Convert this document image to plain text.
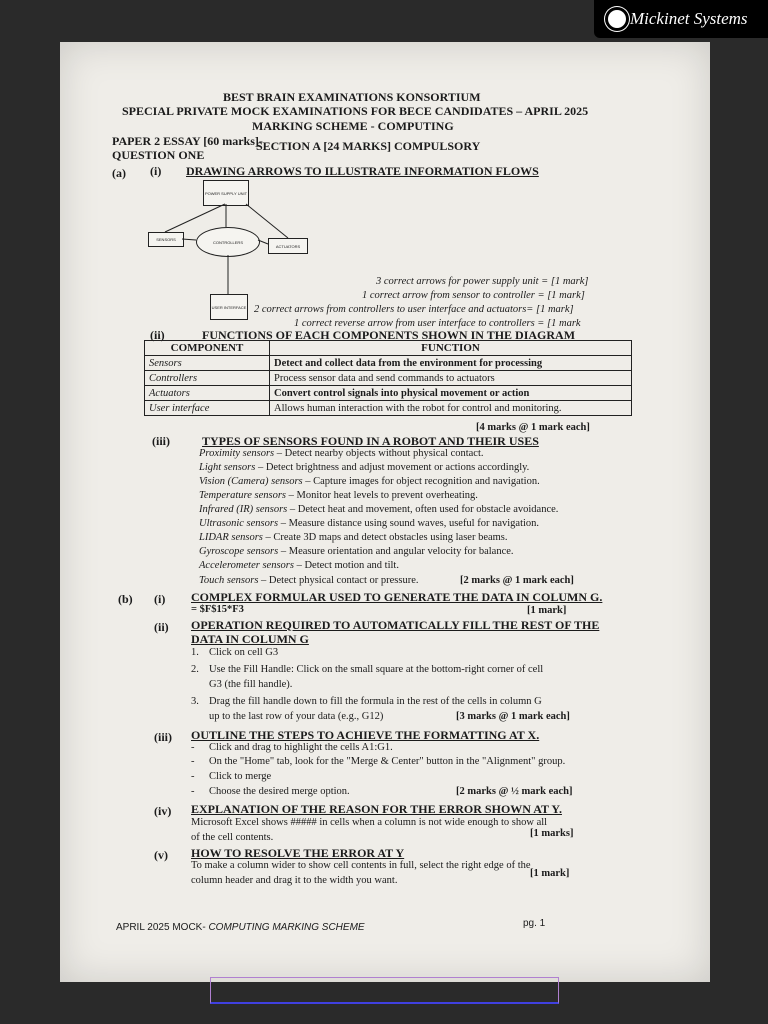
Mickinet Systems
BEST BRAIN EXAMINATIONS KONSORTIUM
SPECIAL PRIVATE MOCK EXAMINATIONS FOR BECE CANDIDATES – APRIL 2025
MARKING SCHEME - COMPUTING
PAPER 2 ESSAY [60 marks]-
SECTION A [24 MARKS] COMPULSORY
QUESTION ONE
(a) (i) DRAWING ARROWS TO ILLUSTRATE INFORMATION FLOWS
POWER SUPPLY UNIT
SENSORS	CONTROLLERS
ACTUATORS
USER INTERFACE
3 correct arrows for power supply unit = [1 mark]
1 correct arrow from sensor to controller = [1 mark]
2 correct arrows from controllers to user interface and actuators= [1 mark]
1 correct reverse arrow from user interface to controllers = [1 mark
(ii)	FUNCTIONS OF EACH COMPONENTS SHOWN IN THE DIAGRAM
COMPONENT	FUNCTION
Sensors	Detect and collect data from the environment for processing
Controllers	Process sensor data and send commands to actuators
Actuators	Convert control signals into physical movement or action
User interface	Allows human interaction with the robot for control and monitoring.
[4 marks @ 1 mark each]
(iii)	TYPES OF SENSORS FOUND IN A ROBOT AND THEIR USES
Proximity sensors – Detect nearby objects without physical contact.
Light sensors – Detect brightness and adjust movement or actions accordingly.
Vision (Camera) sensors – Capture images for object recognition and navigation.
Temperature sensors – Monitor heat levels to prevent overheating.
Infrared (IR) sensors – Detect heat and movement, often used for obstacle avoidance.
Ultrasonic sensors – Measure distance using sound waves, useful for navigation.
LIDAR sensors – Create 3D maps and detect obstacles using laser beams.
Gyroscope sensors – Measure orientation and angular velocity for balance.
Accelerometer sensors – Detect motion and tilt.
Touch sensors – Detect physical contact or pressure.	[2 marks @ 1 mark each]
(b) (i) COMPLEX FORMULAR USED TO GENERATE THE DATA IN COLUMN G.
= $F$15*F3	[1 mark]
(ii) OPERATION REQUIRED TO AUTOMATICALLY FILL THE REST OF THE
DATA IN COLUMN G
1. Click on cell G3
2. Use the Fill Handle: Click on the small square at the bottom-right corner of cell
G3 (the fill handle).
3. Drag the fill handle down to fill the formula in the rest of the cells in column G
up to the last row of your data (e.g., G12)	[3 marks @ 1 mark each]
(iii) OUTLINE THE STEPS TO ACHIEVE THE FORMATTING AT X.
- Click and drag to highlight the cells A1:G1.
- On the "Home" tab, look for the "Merge & Center" button in the "Alignment" group.
- Click to merge
- Choose the desired merge option.	[2 marks @ ½ mark each]
(iv) EXPLANATION OF THE REASON FOR THE ERROR SHOWN AT Y.
Microsoft Excel shows ##### in cells when a column is not wide enough to show all
of the cell contents.	[1 marks]
(v) HOW TO RESOLVE THE ERROR AT Y
To make a column wider to show cell contents in full, select the right edge of the
column header and drag it to the width you want.
[1 mark]
APRIL 2025 MOCK- COMPUTING MARKING SCHEME	pg. 1
